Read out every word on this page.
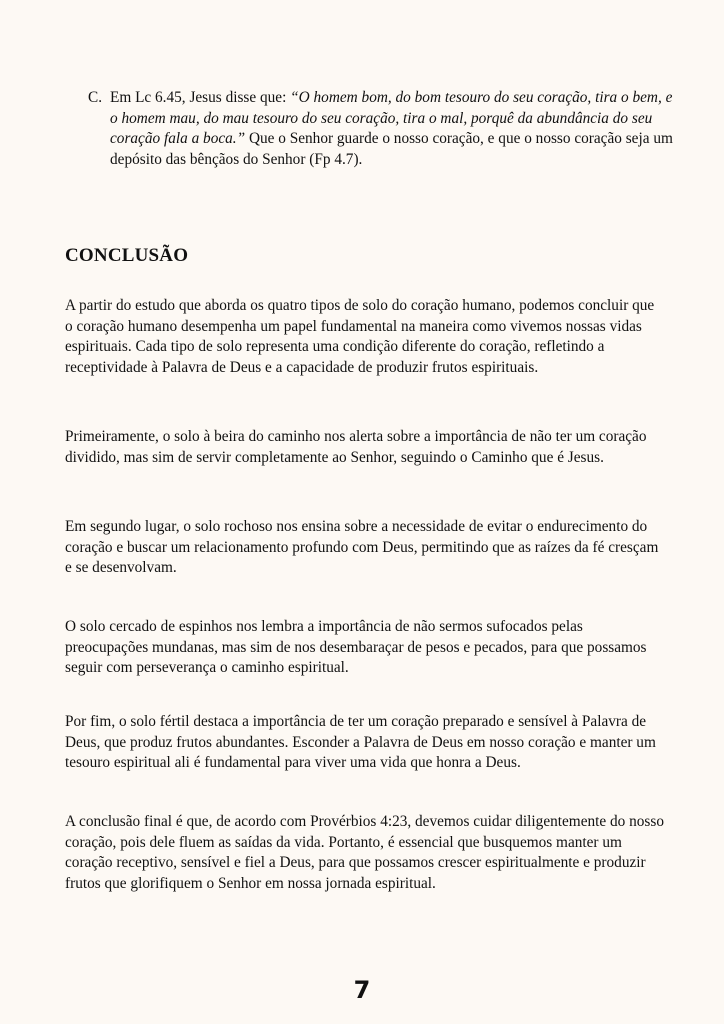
C. Em Lc 6.45, Jesus disse que: “O homem bom, do bom tesouro do seu coração, tira o bem, e o homem mau, do mau tesouro do seu coração, tira o mal, porquê da abundância do seu coração fala a boca.” Que o Senhor guarde o nosso coração, e que o nosso coração seja um depósito das bênçãos do Senhor (Fp 4.7).
CONCLUSÃO

A partir do estudo que aborda os quatro tipos de solo do coração humano, podemos concluir que o coração humano desempenha um papel fundamental na maneira como vivemos nossas vidas espirituais. Cada tipo de solo representa uma condição diferente do coração, refletindo a receptividade à Palavra de Deus e a capacidade de produzir frutos espirituais.

Primeiramente, o solo à beira do caminho nos alerta sobre a importância de não ter um coração dividido, mas sim de servir completamente ao Senhor, seguindo o Caminho que é Jesus.

Em segundo lugar, o solo rochoso nos ensina sobre a necessidade de evitar o endurecimento do coração e buscar um relacionamento profundo com Deus, permitindo que as raízes da fé cresçam e se desenvolvam.

O solo cercado de espinhos nos lembra a importância de não sermos sufocados pelas preocupações mundanas, mas sim de nos desembaraçar de pesos e pecados, para que possamos seguir com perseverança o caminho espiritual.

Por fim, o solo fértil destaca a importância de ter um coração preparado e sensível à Palavra de Deus, que produz frutos abundantes. Esconder a Palavra de Deus em nosso coração e manter um tesouro espiritual ali é fundamental para viver uma vida que honra a Deus.

A conclusão final é que, de acordo com Provérbios 4:23, devemos cuidar diligentemente do nosso coração, pois dele fluem as saídas da vida. Portanto, é essencial que busquemos manter um coração receptivo, sensível e fiel a Deus, para que possamos crescer espiritualmente e produzir frutos que glorifiquem o Senhor em nossa jornada espiritual.

7
